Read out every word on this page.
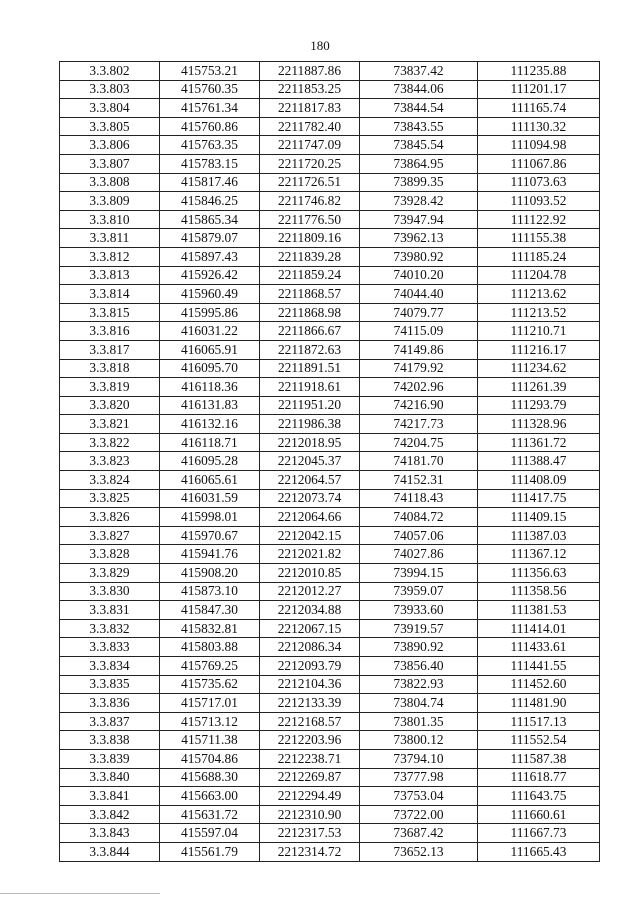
180
3.3.802	415753.21	2211887.86	73837.42	111235.88
3.3.803	415760.35	2211853.25	73844.06	111201.17
3.3.804	415761.34	2211817.83	73844.54	111165.74
3.3.805	415760.86	2211782.40	73843.55	111130.32
3.3.806	415763.35	2211747.09	73845.54	111094.98
3.3.807	415783.15	2211720.25	73864.95	111067.86
3.3.808	415817.46	2211726.51	73899.35	111073.63
3.3.809	415846.25	2211746.82	73928.42	111093.52
3.3.810	415865.34	2211776.50	73947.94	111122.92
3.3.811	415879.07	2211809.16	73962.13	111155.38
3.3.812	415897.43	2211839.28	73980.92	111185.24
3.3.813	415926.42	2211859.24	74010.20	111204.78
3.3.814	415960.49	2211868.57	74044.40	111213.62
3.3.815	415995.86	2211868.98	74079.77	111213.52
3.3.816	416031.22	2211866.67	74115.09	111210.71
3.3.817	416065.91	2211872.63	74149.86	111216.17
3.3.818	416095.70	2211891.51	74179.92	111234.62
3.3.819	416118.36	2211918.61	74202.96	111261.39
3.3.820	416131.83	2211951.20	74216.90	111293.79
3.3.821	416132.16	2211986.38	74217.73	111328.96
3.3.822	416118.71	2212018.95	74204.75	111361.72
3.3.823	416095.28	2212045.37	74181.70	111388.47
3.3.824	416065.61	2212064.57	74152.31	111408.09
3.3.825	416031.59	2212073.74	74118.43	111417.75
3.3.826	415998.01	2212064.66	74084.72	111409.15
3.3.827	415970.67	2212042.15	74057.06	111387.03
3.3.828	415941.76	2212021.82	74027.86	111367.12
3.3.829	415908.20	2212010.85	73994.15	111356.63
3.3.830	415873.10	2212012.27	73959.07	111358.56
3.3.831	415847.30	2212034.88	73933.60	111381.53
3.3.832	415832.81	2212067.15	73919.57	111414.01
3.3.833	415803.88	2212086.34	73890.92	111433.61
3.3.834	415769.25	2212093.79	73856.40	111441.55
3.3.835	415735.62	2212104.36	73822.93	111452.60
3.3.836	415717.01	2212133.39	73804.74	111481.90
3.3.837	415713.12	2212168.57	73801.35	111517.13
3.3.838	415711.38	2212203.96	73800.12	111552.54
3.3.839	415704.86	2212238.71	73794.10	111587.38
3.3.840	415688.30	2212269.87	73777.98	111618.77
3.3.841	415663.00	2212294.49	73753.04	111643.75
3.3.842	415631.72	2212310.90	73722.00	111660.61
3.3.843	415597.04	2212317.53	73687.42	111667.73
3.3.844	415561.79	2212314.72	73652.13	111665.43
